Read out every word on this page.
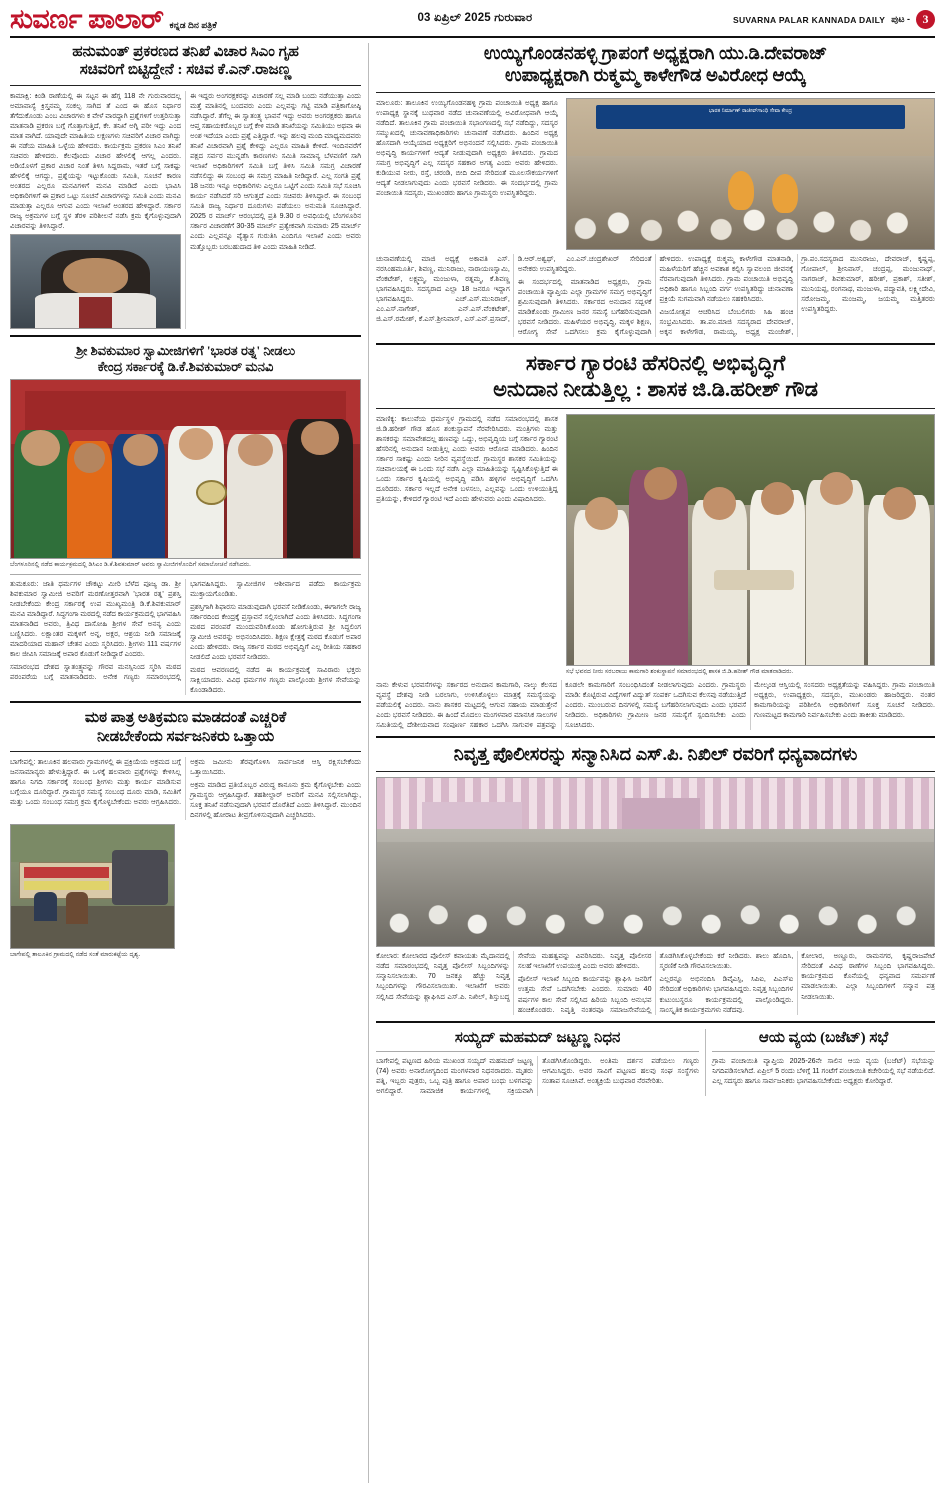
ಸುವರ್ಣ ಪಾಲಾರ್ ಕನ್ನಡ ದಿನ ಪತ್ರಿಕೆ
03 ಏಪ್ರಿಲ್ 2025 ಗುರುವಾರ	SUVARNA PALAR KANNADA DAILY ಪುಟ -	3
ಹನುಮಂತ್ ಪ್ರಕರಣದ ತನಿಖೆ ವಿಚಾರ ಸಿಎಂ ಗೃಹ
ಸಚಿವರಿಗೆ ಬಿಟ್ಟಿದ್ದೇನೆ : ಸಚಿವ ಕೆ.ಎನ್.ರಾಜಣ್ಣ

ಕಾಮಾಕ್ಷಿ: ಕಿಂಡಿ ರಾಣೆಯಲ್ಲಿ ಈ ಸಟ್ಟನ ಈ ಹೆಗ್ಗ 118 ನೇ ಗುರುವಾರದಲ್ಲ ಅಮಾವಾಸ್ಯೆ ಕ್ರಿಸ್ತೃನಮ್ಮ ಸಂಕಲ್ಪ ಸಾಗಿದ ತೆ ಎಂದ ಈ ಹೊಸ ನಿರ್ಧಾರ ತೆಗೆದುಕೊಂಡು ಎಂಬ ವಿಚಾರಗಳು ಕ ವೇಳೆ ವಾರದ್ದಾಗಿ ಪ್ರಶ್ನೆಗಳಿಗೆ ಉತ್ತರಿಸುತ್ತಾ ಮಾತನಾಡಿ ಪ್ರಕರಣ ಬಗ್ಗೆ ಗೊತ್ತಾಗುತ್ತಿದೆ, ಕೇ. ತನಿಖೆ ಅಗ್ನಿ ಪರೀ ಇದ್ದು ಎಂದ ಮಾತ ವಾಗಿದೆ. ಯಾವುದೇ ಮಾಹಿತಿಯ ಲಕ್ಷಣಗಳು ಸಚಿವರಿಗೆ ವಿಚಾರ ವಾಗಿದ್ದು ಈ ನಡೆಯ ಮಾಹಿತಿ ಒಳ್ಳೆಯ ಹೇಳಿದರು. ಕಾರ್ಯಕ್ರಮ ಪ್ರಕರಣ ಸಿಎಂ ತನಿಖೆ ಸಚಿವರು ಹೇಳಿದರು. ಕೆಲವೊಂದು ವಿಚಾರ ಹೇಳಲಿಕ್ಕೆ ಆಗಲ್ಲ ಎಂದರು. ಅಡಿಯೊಳಗೆ ಪ್ರಕಾರ ವಿಚಾರ ನಿಂತೆ ತಿಳಿಸಿ ಸಿದ್ದರಾಮ, ಇತರೆ ಬಗ್ಗೆ ಸಾಕಷ್ಟು ಹೇಳಲಿಕ್ಕೆ ಆಗದ್ದು, ಪ್ರಶ್ನೆಯನ್ನು ಇಟ್ಟುಕೊಂಡು ಸಮಿತಿ, ಸೂಚನೆ ಕಾರಣ ಅಂತರದ ಎಲ್ಲರೂ ಮನವಿಗಳಿಗೆ ಮನವಿ ಮಾಡಿದೆ ಎಂದು ಭಾವಿಸಿ ಅಧಿಕಾರಿಗಳಿಗೆ ಈ ಪ್ರಕಾರ ಒಟ್ಟು ಸೂಚನೆ ವಿಚಾರಗಳನ್ನು ಸಮಿತಿ ಎಂದು ಮನವಿ ಮಾಡುತ್ತಾ ಎಲ್ಲರೂ ಆಗುವ ಎಂದು ಇಲಾಖೆ ಅಂತರದ ಹೇಳಿದ್ದಾರೆ. ಸರ್ಕಾರ ರಾಜ್ಯ ಅಕ್ರಮಗಳ ಬಗ್ಗೆ ಸ್ಥಳ ತೆರಳಿ ಪರಿಶೀಲನೆ ನಡೆಸಿ ಕ್ರಮ ಕೈಗೊಳ್ಳುವುದಾಗಿ ವಿಚಾರವನ್ನು ತಿಳಿಸಿದ್ದಾರೆ.

ಈ ಇದ್ದರು ಅಂಗರಕ್ಷಕರನ್ನು ವಿಚಾರಣೆ ಸಲ್ಲ ಮಾಡಿ ಬಂದು ನಡೆಯುತ್ತಾ ಎಂದು ಮತ್ತೆ ಮಾತಿನಲ್ಲಿ ಬಂದವರು ಎಂದು ಎಲ್ಲವನ್ನು ಗಟ್ಟಿ ಮಾಡಿ ಪತ್ರಿಕಾಗೋಷ್ಠಿ ನಡೆಸಿದ್ದಾರೆ. ತೆಗೆಲ್ಲ ಈ ಸ್ವಾತಂತ್ರ್ಯ ಭಾವನೆ ಇದ್ದು ಅವರು ಅಂಗರಕ್ಷಕರು ಹಾಗೂ ಆಪ್ತ ಸಹಾಯಕರೊಬ್ಬರ ಬಗ್ಗೆ ಕೇಳಿ ಮಾಡಿ ತನಿಖೆಯನ್ನು ಸಮಿತಿಯು ಅಥವಾ ಈ ಅಂಶ ಇದೆಯಾ ಎಂದು ಪ್ರಶ್ನೆ ಎತ್ತಿದ್ದಾರೆ. ಇನ್ನು ಹಲವು ಮಂದಿ ಮಾಧ್ಯಮದವರು ತನಿಖೆ ವಿಚಾರವಾಗಿ ಪ್ರಶ್ನೆ ಕೇಳಿದ್ದು ಎಲ್ಲರೂ ಮಾಹಿತಿ ಕೇಳಿದೆ. ಇಂದಿನವರೆಗೆ ಪಕ್ಷದ ಸರ್ವರ ಮುನ್ನಡೆಸಿ ಕಾರಣಗಳು ಸಮಿತಿ ಸಾಮಾನ್ಯ ಬೆಳವಣಿಗೆ ಸಾಗಿ ಇಲಾಖೆ ಅಧಿಕಾರಿಗಳಿಗೆ ಸಮಿತಿ ಬಗ್ಗೆ ತಿಳಿಸಿ ಸಮಿತಿ ಸಮಗ್ರ ವಿಚಾರಣೆ ನಡೆಸಲಿದ್ದು ಈ ಸಂಬಂಧ ಈ ಸಮಗ್ರ ಮಾಹಿತಿ ನೀಡಿದ್ದಾರೆ. ಎಲ್ಲ ಸಂಗತಿ ಪ್ರಶ್ನೆ 18 ಜನರು ಇನ್ನೂ ಅಧಿಕಾರಿಗಳು ಎಲ್ಲರೂ ಒಟ್ಟಿಗೆ ಎಂದು ಸಮಿತಿ ಸಭೆ ಸೂಚಿಸಿ ಕಾರ್ಯ ನಡೆಸಿದರೆ ಸರಿ ಆಗುತ್ತದೆ ಎಂದು ಸಚಿವರು ತಿಳಿಸಿದ್ದಾರೆ. ಈ ಸಂಬಂಧ ಸಮಿತಿ ರಾಜ್ಯ ನಿರ್ಧಾರ ದೂರುಗಳು ಪಡೆಯಲು ಅನುಮತಿ ಸೂಚಿಸಿದ್ದಾರೆ. 2025 ರ ಮಾರ್ಚ್ ಆರಂಭದಲ್ಲಿ ಪ್ರತಿ 9.30 ರ ಅವಧಿಯಲ್ಲಿ ಬೆಂಗಳೂರಿನ ಸರ್ಕಾರ ವಿಚಾರಣೆಗೆ 30-35 ಮಾರ್ಚ್ ಪ್ರತ್ಯೇಕವಾಗಿ ಸುಮಾರು 25 ಮಾರ್ಚ್ ಎಂದು ಎಲ್ಲವನ್ನೂ ವ್ಯೆತ್ಯಾಸ ಗುರುತಿಸಿ ಎಂದಿಗೂ ಇಲಾಖೆ ಎಂದು ಅವರು ಮತ್ತೊಬ್ಬರು ಬರಬಹುದಾದ ತಿಳಿ ಎಂದು ಮಾಹಿತಿ ನೀಡಿದೆ.

ಶ್ರೀ ಶಿವಕುಮಾರ ಸ್ವಾಮೀಜಿಗಳಿಗೆ 'ಭಾರತ ರತ್ನ' ನೀಡಲು
ಕೇಂದ್ರ ಸರ್ಕಾರಕ್ಕೆ ಡಿ.ಕೆ.ಶಿವಕುಮಾರ್ ಮನವಿ
ಬೆಂಗಳೂರಿನಲ್ಲಿ ನಡೆದ ಕಾರ್ಯಕ್ರಮದಲ್ಲಿ ಡಿಸಿಎಂ ಡಿ.ಕೆ.ಶಿವಕುಮಾರ್ ಅವರು ಸ್ವಾಮೀಜಿಗಳೊಂದಿಗೆ ಸಮಾಲೋಚನೆ ನಡೆಸಿದರು.

ತುಮಕೂರು: ಜಾತಿ ಧರ್ಮಗಳ ಚೌಕಟ್ಟು ಮೀರಿ ಬೆಳೆದ ಪೂಜ್ಯ ಡಾ. ಶ್ರೀ ಶಿವಕುಮಾರ ಸ್ವಾಮೀಜಿ ಅವರಿಗೆ ಮರಣೋತ್ತರವಾಗಿ 'ಭಾರತ ರತ್ನ' ಪ್ರಶಸ್ತಿ ನೀಡಬೇಕೆಂದು ಕೇಂದ್ರ ಸರ್ಕಾರಕ್ಕೆ ಉಪ ಮುಖ್ಯಮಂತ್ರಿ ಡಿ.ಕೆ.ಶಿವಕುಮಾರ್ ಮನವಿ ಮಾಡಿದ್ದಾರೆ. ಸಿದ್ಧಗಂಗಾ ಮಠದಲ್ಲಿ ನಡೆದ ಕಾರ್ಯಕ್ರಮದಲ್ಲಿ ಭಾಗವಹಿಸಿ ಮಾತನಾಡಿದ ಅವರು, ತ್ರಿವಿಧ ದಾಸೋಹಿ ಶ್ರೀಗಳ ಸೇವೆ ಅನನ್ಯ ಎಂದು ಬಣ್ಣಿಸಿದರು. ಲಕ್ಷಾಂತರ ಮಕ್ಕಳಿಗೆ ಅನ್ನ, ಅಕ್ಷರ, ಆಶ್ರಯ ನೀಡಿ ಸಮಾಜಕ್ಕೆ ಮಾದರಿಯಾದ ಮಹಾನ್ ಚೇತನ ಎಂದು ಸ್ಮರಿಸಿದರು. ಶ್ರೀಗಳು 111 ವರ್ಷಗಳ ಕಾಲ ಜೀವಿಸಿ ಸಮಾಜಕ್ಕೆ ಅಪಾರ ಕೊಡುಗೆ ನೀಡಿದ್ದಾರೆ ಎಂದರು.

ಸಮಾರಂಭದ ದೇಶದ ಸ್ವಾತಂತ್ರ್ಯವನ್ನು ಗೌರವ ಮನಸ್ಸಿನಿಂದ ಸ್ಮರಿಸಿ ಮಠದ ಪರಂಪರೆಯ ಬಗ್ಗೆ ಮಾತನಾಡಿದರು. ಅನೇಕ ಗಣ್ಯರು ಸಮಾರಂಭದಲ್ಲಿ ಭಾಗವಹಿಸಿದ್ದರು. ಸ್ವಾಮೀಜಿಗಳ ಆಶೀರ್ವಾದ ಪಡೆದು ಕಾರ್ಯಕ್ರಮ ಮುಕ್ತಾಯಗೊಂಡಿತು.

ಪ್ರಶಸ್ತಿಗಾಗಿ ಶಿಫಾರಸು ಮಾಡುವುದಾಗಿ ಭರವಸೆ ನೀಡಿಕೊಂಡು, ಈಗಾಗಲೇ ರಾಜ್ಯ ಸರ್ಕಾರದಿಂದ ಕೇಂದ್ರಕ್ಕೆ ಪ್ರಸ್ತಾವನೆ ಸಲ್ಲಿಸಲಾಗಿದೆ ಎಂದು ತಿಳಿಸಿದರು. ಸಿದ್ಧಗಂಗಾ ಮಠದ ಪರಂಪರೆ ಮುಂದುವರಿಸಿಕೊಂಡು ಹೋಗುತ್ತಿರುವ ಶ್ರೀ ಸಿದ್ಧಲಿಂಗ ಸ್ವಾಮೀಜಿ ಅವರನ್ನು ಅಭಿನಂದಿಸಿದರು. ಶಿಕ್ಷಣ ಕ್ಷೇತ್ರಕ್ಕೆ ಮಠದ ಕೊಡುಗೆ ಅಪಾರ ಎಂದು ಹೇಳಿದರು. ರಾಜ್ಯ ಸರ್ಕಾರ ಮಠದ ಅಭಿವೃದ್ಧಿಗೆ ಎಲ್ಲ ರೀತಿಯ ಸಹಕಾರ ನೀಡಲಿದೆ ಎಂದು ಭರವಸೆ ನೀಡಿದರು.

ಮಠದ ಆವರಣದಲ್ಲಿ ನಡೆದ ಈ ಕಾರ್ಯಕ್ರಮಕ್ಕೆ ಸಾವಿರಾರು ಭಕ್ತರು ಸಾಕ್ಷಿಯಾದರು. ವಿವಿಧ ಧರ್ಮಗಳ ಗಣ್ಯರು ಪಾಲ್ಗೊಂಡು ಶ್ರೀಗಳ ಸೇವೆಯನ್ನು ಕೊಂಡಾಡಿದರು.

ಮಠ ಪಾತ್ರ ಅತಿಕ್ರಮಣ ಮಾಡದಂತೆ ಎಚ್ಚರಿಕೆ
ನೀಡಬೇಕೆಂದು ಸರ್ವಜನಿಕರು ಒತ್ತಾಯ

ಬಾಗೇಪಲ್ಲಿ: ತಾಲೂಕಿನ ಹಲವಾರು ಗ್ರಾಮಗಳಲ್ಲಿ ಈ ಪ್ರಕ್ರಿಯೆಯ ಅಕ್ರಮದ ಬಗ್ಗೆ ಜನಸಾಮಾನ್ಯರು ಹೇಳುತ್ತಿದ್ದಾರೆ. ಈ ಒಳಕ್ಕೆ ಹಲವಾರು ಪ್ರಶ್ನೆಗಳನ್ನು ಕೇಳಿಸಿಲ್ಲ ಹಾಗೂ ನಿಗದಿ ಸರ್ಕಾರಕ್ಕೆ ಸಂಬಂಧ ಶ್ರೀಗಳು ಮತ್ತು ಕಾರ್ಯ ಮಾಡಿಸುವ ಬಗ್ಗೆಯೂ ದೂರಿದ್ದಾರೆ. ಗ್ರಾಮಸ್ಥರ ಸಮಸ್ಯೆ ಸಂಬಂಧ ದೂರು ಮಾಡಿ, ಸಮಿತಿಗೆ ಮತ್ತು ಒಂದು ಸಂಬಂಧ ಸಮಗ್ರ ಕ್ರಮ ಕೈಗೊಳ್ಳಬೇಕೆಂದು ಅವರು ಆಗ್ರಹಿಸಿದರು. ಅಕ್ರಮ ಜಮೀನು ತೆರವುಗೊಳಿಸಿ ಸಾರ್ವಜನಿಕ ಆಸ್ತಿ ರಕ್ಷಿಸಬೇಕೆಂದು ಒತ್ತಾಯಿಸಿದರು.

ಅಕ್ರಮ ಮಾಡಿದ ಪ್ರತಿಯೊಬ್ಬರ ವಿರುದ್ಧ ಕಾನೂನು ಕ್ರಮ ಕೈಗೊಳ್ಳಬೇಕು ಎಂದು ಗ್ರಾಮಸ್ಥರು ಆಗ್ರಹಿಸಿದ್ದಾರೆ. ತಹಶೀಲ್ದಾರ್ ಅವರಿಗೆ ಮನವಿ ಸಲ್ಲಿಸಲಾಗಿದ್ದು, ಸೂಕ್ತ ತನಿಖೆ ನಡೆಸುವುದಾಗಿ ಭರವಸೆ ದೊರೆತಿದೆ ಎಂದು ತಿಳಿಸಿದ್ದಾರೆ. ಮುಂದಿನ ದಿನಗಳಲ್ಲಿ ಹೋರಾಟ ತೀವ್ರಗೊಳಿಸುವುದಾಗಿ ಎಚ್ಚರಿಸಿದರು.

ಬಾಗೇಪಲ್ಲಿ ತಾಲೂಕಿನ ಗ್ರಾಮದಲ್ಲಿ ನಡೆದ ಸಂತೆ ಮಾರುಕಟ್ಟೆಯ ದೃಶ್ಯ.
ಉಯ್ಯಿಗೊಂಡನಹಳ್ಳಿ ಗ್ರಾಪಂಗೆ ಅಧ್ಯಕ್ಷರಾಗಿ ಯು.ಡಿ.ದೇವರಾಜ್
ಉಪಾಧ್ಯಕ್ಷರಾಗಿ ರುಕ್ಮಮ್ಮ ಕಾಳೇಗೌಡ ಅವಿರೋಧ ಆಯ್ಕೆ
ಮಾಲೂರು: ತಾಲೂಕಿನ ಉಯ್ಯಿಗೊಂಡನಹಳ್ಳಿ ಗ್ರಾಮ ಪಂಚಾಯಿತಿ ಅಧ್ಯಕ್ಷ ಹಾಗೂ ಉಪಾಧ್ಯಕ್ಷ ಸ್ಥಾನಕ್ಕೆ ಬುಧವಾರ ನಡೆದ ಚುನಾವಣೆಯಲ್ಲಿ ಅವಿರೋಧವಾಗಿ ಆಯ್ಕೆ ನಡೆದಿದೆ. ತಾಲೂಕಿನ ಗ್ರಾಮ ಪಂಚಾಯಿತಿ ಸಭಾಂಗಣದಲ್ಲಿ ಸಭೆ ನಡೆದಿದ್ದು, ಸದಸ್ಯರ ಸಮ್ಮುಖದಲ್ಲಿ ಚುನಾವಣಾಧಿಕಾರಿಗಳು ಚುನಾವಣೆ ನಡೆಸಿದರು. ಹಿಂದಿನ ಅಧ್ಯಕ್ಷ ಹೊಸದಾಗಿ ಆಯ್ಕೆಯಾದ ಅಧ್ಯಕ್ಷರಿಗೆ ಅಭಿನಂದನೆ ಸಲ್ಲಿಸಿದರು. ಗ್ರಾಮ ಪಂಚಾಯಿತಿ ಅಭಿವೃದ್ಧಿ ಕಾರ್ಯಗಳಿಗೆ ಆದ್ಯತೆ ನೀಡುವುದಾಗಿ ಅಧ್ಯಕ್ಷರು ತಿಳಿಸಿದರು. ಗ್ರಾಮದ ಸಮಗ್ರ ಅಭಿವೃದ್ಧಿಗೆ ಎಲ್ಲ ಸದಸ್ಯರ ಸಹಕಾರ ಅಗತ್ಯ ಎಂದು ಅವರು ಹೇಳಿದರು. ಕುಡಿಯುವ ನೀರು, ರಸ್ತೆ, ಚರಂಡಿ, ಬೀದಿ ದೀಪ ಸೇರಿದಂತೆ ಮೂಲಸೌಕರ್ಯಗಳಿಗೆ ಆದ್ಯತೆ ನೀಡಲಾಗುವುದು ಎಂದು ಭರವಸೆ ನೀಡಿದರು. ಈ ಸಂದರ್ಭದಲ್ಲಿ ಗ್ರಾಮ ಪಂಚಾಯಿತಿ ಸದಸ್ಯರು, ಮುಖಂಡರು ಹಾಗೂ ಗ್ರಾಮಸ್ಥರು ಉಪಸ್ಥಿತರಿದ್ದರು.
ಭಾರತ ನಿರ್ಮಾಣ್ ರಾಜೀವ್‌ಗಾಂಧಿ ಸೇವಾ ಕೇಂದ್ರ

ಚುನಾವಣೆಯಲ್ಲಿ ಮಾಜಿ ಅಧ್ಯಕ್ಷೆ ಅಕಾವತಿ ಎಸ್. ನರಸಿಂಹಮೂರ್ತಿ, ಶಿವಣ್ಣ, ಮುನಿರಾಜು, ನಾರಾಯಣಸ್ವಾಮಿ, ವೆಂಕಟೇಶ್, ಲಕ್ಷ್ಮಮ್ಮ, ಮಂಜುಳಾ, ರತ್ನಮ್ಮ, ಕೆ.ಶಿವಣ್ಣ ಭಾಗವಹಿಸಿದ್ದರು. ಸದಸ್ಯರಾದ ಎಲ್ಲಾ 18 ಜನರೂ ಇದ್ದಾಗ ಭಾಗವಹಿಸಿದ್ದರು. ಎಚ್.ಎಸ್.ಮುನಿರಾಜ್, ಎಂ.ಎಸ್.ನಾಗೇಶ್, ಎನ್.ಎಸ್.ವೆಂಕಟೇಶ್, ಜಿ.ಎಸ್.ರಮೇಶ್, ಕೆ.ಎಸ್.ಶ್ರೀನಿವಾಸ್, ಎಸ್.ಎನ್.ಪ್ರಸಾದ್, ಡಿ.ಆರ್.ಅಶ್ವಥ್, ಎಂ.ಎನ್.ಚಂದ್ರಶೇಖರ್ ಸೇರಿದಂತೆ ಅನೇಕರು ಉಪಸ್ಥಿತರಿದ್ದರು.

ಈ ಸಂದರ್ಭದಲ್ಲಿ ಮಾತನಾಡಿದ ಅಧ್ಯಕ್ಷರು, ಗ್ರಾಮ ಪಂಚಾಯಿತಿ ವ್ಯಾಪ್ತಿಯ ಎಲ್ಲಾ ಗ್ರಾಮಗಳ ಸಮಗ್ರ ಅಭಿವೃದ್ಧಿಗೆ ಶ್ರಮಿಸುವುದಾಗಿ ತಿಳಿಸಿದರು. ಸರ್ಕಾರದ ಅನುದಾನ ಸದ್ಬಳಕೆ ಮಾಡಿಕೊಂಡು ಗ್ರಾಮೀಣ ಜನರ ಸಮಸ್ಯೆ ಬಗೆಹರಿಸುವುದಾಗಿ ಭರವಸೆ ನೀಡಿದರು. ಮಹಿಳೆಯರ ಅಭಿವೃದ್ಧಿ, ಮಕ್ಕಳ ಶಿಕ್ಷಣ, ಆರೋಗ್ಯ ಸೇವೆ ಒದಗಿಸಲು ಕ್ರಮ ಕೈಗೊಳ್ಳುವುದಾಗಿ ಹೇಳಿದರು. ಉಪಾಧ್ಯಕ್ಷೆ ರುಕ್ಮಮ್ಮ ಕಾಳೇಗೌಡ ಮಾತನಾಡಿ, ಮಹಿಳೆಯರಿಗೆ ಹೆಚ್ಚಿನ ಅವಕಾಶ ಕಲ್ಪಿಸಿ ಸ್ವಾವಲಂಬಿ ಜೀವನಕ್ಕೆ ನೆರವಾಗುವುದಾಗಿ ತಿಳಿಸಿದರು. ಗ್ರಾಮ ಪಂಚಾಯಿತಿ ಅಭಿವೃದ್ಧಿ ಅಧಿಕಾರಿ ಹಾಗೂ ಸಿಬ್ಬಂದಿ ವರ್ಗ ಉಪಸ್ಥಿತರಿದ್ದು ಚುನಾವಣಾ ಪ್ರಕ್ರಿಯೆ ಸುಗಮವಾಗಿ ನಡೆಯಲು ಸಹಕರಿಸಿದರು.

ವಿಜಯೋತ್ಸವ ಆಚರಿಸಿದ ಬೆಂಬಲಿಗರು ಸಿಹಿ ಹಂಚಿ ಸಂಭ್ರಮಿಸಿದರು. ತಾ.ಪಂ.ಮಾಜಿ ಸದಸ್ಯರಾದ ದೇವರಾಜ್, ಅಕ್ಕನ ಕಾಳೇಗೌಡ, ರಾಮಯ್ಯ, ಅಧ್ಯಕ್ಷ ಮಂಜೇಶ್, ಗ್ರಾ.ಪಂ.ಸದಸ್ಯರಾದ ಮುನಿರಾಜು, ದೇವರಾಜ್, ಕೃಷ್ಣಪ್ಪ, ಗೋಪಾಲ್, ಶ್ರೀನಿವಾಸ್, ಚಂದ್ರಪ್ಪ, ಮಂಜುನಾಥ್, ನಾಗರಾಜ್, ಶಿವಕುಮಾರ್, ಹರೀಶ್, ಪ್ರಕಾಶ್, ಸತೀಶ್, ಮುನಿಯಪ್ಪ, ರಂಗನಾಥ, ಮಂಜುಳಾ, ಪದ್ಮಾವತಿ, ಲಕ್ಷ್ಮೀದೇವಿ, ಸರೋಜಮ್ಮ, ಮಂಜಮ್ಮ, ಜಯಮ್ಮ ಮತ್ತಿತರರು ಉಪಸ್ಥಿತರಿದ್ದರು.

ಸರ್ಕಾರ ಗ್ಯಾರಂಟಿ ಹೆಸರಿನಲ್ಲಿ ಅಭಿವೃದ್ಧಿಗೆ
ಅನುದಾನ ನೀಡುತ್ತಿಲ್ಲ : ಶಾಸಕ ಜಿ.ಡಿ.ಹರೀಶ್ ಗೌಡ
ಮಾಣಿಕ್ಯ: ಕಾಲುವೆಯ ಧರ್ಮಸ್ಥಳ ಗ್ರಾಮದಲ್ಲಿ ನಡೆದ ಸಮಾರಂಭದಲ್ಲಿ ಶಾಸಕ ಜಿ.ಡಿ.ಹರೀಶ್ ಗೌಡ ಹೊಸ ಶಂಕುಸ್ಥಾಪನೆ ನೆರವೇರಿಸಿದರು. ಮಂತ್ರಿಗಳು ಮತ್ತು ಶಾಸಕರನ್ನು ಸಮಾವೇಶದಲ್ಲ ಹಣವನ್ನು ಒದ್ದು, ಅಭಿವೃದ್ಧಿಯ ಬಗ್ಗೆ ಸರ್ಕಾರ ಗ್ಯಾರಂಟಿ ಹೆಸರಿನಲ್ಲಿ ಅನುದಾನ ನೀಡುತ್ತಿಲ್ಲ ಎಂದು ಅವರು ಆರೋಪ ಮಾಡಿದರು. ಹಿಂದಿನ ಸರ್ಕಾರ ಸಾಕಷ್ಟು ಎಂದು ನೀರಿನ ವ್ಯವಸ್ಥೆಯಿದೆ. ಗ್ರಾಮಸ್ಥರ ಶಾಸಕರ ಸಮಿತಿಯನ್ನು ಸಚಿವಾಲಯಕ್ಕೆ ಈ ಒಂದು ಸಭೆ ನಡೆಸಿ ಎಲ್ಲಾ ಮಾಹಿತಿಯನ್ನು ಸೃಷ್ಟಿಸಿಕೊಳ್ಳುತ್ತಿದೆ ಈ ಒಂದು ಸರ್ಕಾರ ಕೃಷಿಯಲ್ಲಿ ಅಭಿವೃದ್ಧಿ ಪಡಿಸಿ ಹಳ್ಳಿಗಳ ಅಭಿವೃದ್ಧಿಗೆ ಒದಗಿಸಿ ದೂರಿದರು. ಸರ್ಕಾರ ಇಲ್ಲದೆ ಅನೇಕ ಬಳಸಲು, ಎಲ್ಲವನ್ನು ಒಂದು ಉಳಿಯುತ್ತಿದ್ದ ಪ್ರತಿಯನ್ನು, ಕೇಳಿದರೆ ಗ್ಯಾರಂಟಿ ಇದೆ ಎಂದು ಹೇಳುವರು ಎಂದು ವಿಷಾದಿಸಿದರು.
ಸಭೆ ಭವನದ ನೀರು ಸರಬರಾಜು ಕಾಮಗಾರಿ ಶಂಕುಸ್ಥಾಪನೆ ಸಮಾರಂಭದಲ್ಲಿ ಶಾಸಕ ಜಿ.ಡಿ.ಹರೀಶ್ ಗೌಡ ಮಾತನಾಡಿದರು.

ನಾನು ಕೇಳುವ ಭರವಸೆಗಳನ್ನು ಸರ್ಕಾರದ ಅನುದಾನ ಕಾಮಗಾರಿ, ನಾಲ್ಕು ಕೆಲಸದ ವ್ಯವಸ್ಥೆ ದೇಶವು ನೀಡಿ ಬರಲಾಗು, ಉಳಿಸಿಕೊಳ್ಳಲು ಮಾತ್ರಕ್ಕೆ ಸಮಸ್ಯೆಯನ್ನು ಪಡೆಯಲಿಕ್ಕೆ ಎಂದರು. ನಾನು ಶಾಸಕರ ಮಟ್ಟದಲ್ಲಿ ಆಗುವ ಸಹಾಯ ಮಾಡುತ್ತೇನೆ ಎಂದು ಭರವಸೆ ನೀಡಿದರು. ಈ ಹಿಂದೆ ಮೊದಲು ಮಂಗಳವಾರ ಮಾನಸಿಕ ಸಾಲುಗಳ ಸಮಿತಿಯಲ್ಲಿ ದೇಶೀಯವಾದ ಸಂಪೂರ್ಣ ಸಹಕಾರ ಒದಗಿಸಿ ಸಾಗುವಳಿ ಪತ್ರವನ್ನು ಕೂಡಲೇ ಕಾಮಗಾರಿಗೆ ಸಂಬಂಧಿಸಿದಂತೆ ನೀಡಲಾಗುವುದು ಎಂದರು. ಗ್ರಾಮಸ್ಥರು ಮಾಡಿ: ಕೊಟ್ಟಿರುವ ವಿದ್ಯೆಗಳಿಗೆ ವಿದ್ಯುತ್ ಸಂಪರ್ಕ ಒದಗಿಸುವ ಕೆಲಸವು ನಡೆಯುತ್ತಿದೆ ಎಂದರು. ಮುಂಬರುವ ದಿನಗಳಲ್ಲಿ ಸಮಸ್ಯೆ ಬಗೆಹರಿಸಲಾಗುವುದು ಎಂದು ಭರವಸೆ ನೀಡಿದರು. ಅಧಿಕಾರಿಗಳು ಗ್ರಾಮೀಣ ಜನರ ಸಮಸ್ಯೆಗೆ ಸ್ಪಂದಿಸಬೇಕು ಎಂದು ಸೂಚಿಸಿದರು.

ಮೇಲ್ಕಂಡ ಆಸ್ತಿಯಲ್ಲಿ ಸಂಸದರು ಅಧ್ಯಕ್ಷತೆಯನ್ನು ವಹಿಸಿದ್ದರು. ಗ್ರಾಮ ಪಂಚಾಯಿತಿ ಅಧ್ಯಕ್ಷರು, ಉಪಾಧ್ಯಕ್ಷರು, ಸದಸ್ಯರು, ಮುಖಂಡರು ಹಾಜರಿದ್ದರು. ನಂತರ ಕಾಮಗಾರಿಯನ್ನು ಪರಿಶೀಲಿಸಿ ಅಧಿಕಾರಿಗಳಿಗೆ ಸೂಕ್ತ ಸೂಚನೆ ನೀಡಿದರು. ಗುಣಮಟ್ಟದ ಕಾಮಗಾರಿ ನಿರ್ವಹಿಸಬೇಕು ಎಂದು ತಾಕೀತು ಮಾಡಿದರು.

ನಿವೃತ್ತ ಪೊಲೀಸರನ್ನು ಸನ್ಮಾನಿಸಿದ ಎಸ್.ಪಿ. ನಿಖಿಲ್ ರವರಿಗೆ ಧನ್ಯವಾದಗಳು

ಕೋಲಾರ: ಕೋಲಾರದ ಪೊಲೀಸ್ ಕವಾಯತು ಮೈದಾನದಲ್ಲಿ ನಡೆದ ಸಮಾರಂಭದಲ್ಲಿ ನಿವೃತ್ತ ಪೊಲೀಸ್ ಸಿಬ್ಬಂದಿಗಳನ್ನು ಸನ್ಮಾನಿಸಲಾಯಿತು. 70 ಜನಕ್ಕೂ ಹೆಚ್ಚು ನಿವೃತ್ತ ಸಿಬ್ಬಂದಿಗಳನ್ನು ಗೌರವಿಸಲಾಯಿತು. ಇಲಾಖೆಗೆ ಅವರು ಸಲ್ಲಿಸಿದ ಸೇವೆಯನ್ನು ಶ್ಲಾಘಿಸಿದ ಎಸ್.ಪಿ. ನಿಖಿಲ್, ಶಿಸ್ತುಬದ್ಧ ಸೇವೆಯ ಮಹತ್ವವನ್ನು ವಿವರಿಸಿದರು. ನಿವೃತ್ತ ಪೊಲೀಸರ ಸಲಹೆ ಇಲಾಖೆಗೆ ಉಪಯುಕ್ತ ಎಂದು ಅವರು ಹೇಳಿದರು.

ಪೊಲೀಸ್ ಇಲಾಖೆ ಸಿಬ್ಬಂದಿ ಕಾರ್ಯವನ್ನು ಶ್ಲಾಘಿಸಿ ಜನರಿಗೆ ಉತ್ತಮ ಸೇವೆ ಒದಗಿಸಬೇಕು ಎಂದರು. ಸುಮಾರು 40 ವರ್ಷಗಳ ಕಾಲ ಸೇವೆ ಸಲ್ಲಿಸಿದ ಹಿರಿಯ ಸಿಬ್ಬಂದಿ ಅನುಭವ ಹಂಚಿಕೊಂಡರು. ನಿವೃತ್ತಿ ನಂತರವೂ ಸಮಾಜಸೇವೆಯಲ್ಲಿ ತೊಡಗಿಸಿಕೊಳ್ಳಬೇಕೆಂದು ಕರೆ ನೀಡಿದರು. ಶಾಲು ಹೊದಿಸಿ, ಸ್ಮರಣಿಕೆ ನೀಡಿ ಗೌರವಿಸಲಾಯಿತು.

ಎಲ್ಲರನ್ನೂ ಅಭಿನಂದಿಸಿ ಡಿವೈಎಸ್ಪಿ, ಸಿಪಿಐ, ಪಿಎಸ್ಐ ಸೇರಿದಂತೆ ಅಧಿಕಾರಿಗಳು ಭಾಗವಹಿಸಿದ್ದರು. ನಿವೃತ್ತ ಸಿಬ್ಬಂದಿಗಳ ಕುಟುಂಬಸ್ಥರೂ ಕಾರ್ಯಕ್ರಮದಲ್ಲಿ ಪಾಲ್ಗೊಂಡಿದ್ದರು. ಸಾಂಸ್ಕೃತಿಕ ಕಾರ್ಯಕ್ರಮಗಳು ನಡೆದವು.

ಕೋಲಾರ, ಅಣ್ಣೂರು, ರಾಮನಗರ, ಕೃಷ್ಣರಾಜಪೇಟೆ ಸೇರಿದಂತೆ ವಿವಿಧ ಠಾಣೆಗಳ ಸಿಬ್ಬಂದಿ ಭಾಗವಹಿಸಿದ್ದರು. ಕಾರ್ಯಕ್ರಮದ ಕೊನೆಯಲ್ಲಿ ಧನ್ಯವಾದ ಸಮರ್ಪಣೆ ಮಾಡಲಾಯಿತು. ಎಲ್ಲಾ ಸಿಬ್ಬಂದಿಗಳಿಗೆ ಸನ್ಮಾನ ಪತ್ರ ನೀಡಲಾಯಿತು.

ಸಯ್ಯದ್ ಮಹಮದ್ ಜಟ್ಟಣ್ಣ ನಿಧನ

ಬಾಗೇಪಲ್ಲಿ ಪಟ್ಟಣದ ಹಿರಿಯ ಮುಖಂಡ ಸಯ್ಯದ್ ಮಹಮದ್ ಜಟ್ಟಣ್ಣ (74) ಅವರು ಅನಾರೋಗ್ಯದಿಂದ ಮಂಗಳವಾರ ನಿಧನರಾದರು. ಮೃತರು ಪತ್ನಿ, ಇಬ್ಬರು ಪುತ್ರರು, ಒಬ್ಬ ಪುತ್ರಿ ಹಾಗೂ ಅಪಾರ ಬಂಧು ಬಳಗವನ್ನು ಅಗಲಿದ್ದಾರೆ. ಸಾಮಾಜಿಕ ಕಾರ್ಯಗಳಲ್ಲಿ ಸಕ್ರಿಯವಾಗಿ ತೊಡಗಿಸಿಕೊಂಡಿದ್ದರು. ಅಂತಿಮ ದರ್ಶನ ಪಡೆಯಲು ಗಣ್ಯರು ಆಗಮಿಸಿದ್ದರು. ಅವರ ಸಾವಿಗೆ ಪಟ್ಟಣದ ಹಲವು ಸಂಘ ಸಂಸ್ಥೆಗಳು ಸಂತಾಪ ಸೂಚಿಸಿವೆ. ಅಂತ್ಯಕ್ರಿಯೆ ಬುಧವಾರ ನೆರವೇರಿತು.

ಆಯ ವ್ಯಯ (ಬಜೆಟ್) ಸಭೆ
ಗ್ರಾಮ ಪಂಚಾಯಿತಿ ವ್ಯಾಪ್ತಿಯ 2025-26ನೇ ಸಾಲಿನ ಆಯ ವ್ಯಯ (ಬಜೆಟ್) ಸಭೆಯನ್ನು ನಿಗದಿಪಡಿಸಲಾಗಿದೆ. ಏಪ್ರಿಲ್ 5 ರಂದು ಬೆಳಿಗ್ಗೆ 11 ಗಂಟೆಗೆ ಪಂಚಾಯಿತಿ ಕಚೇರಿಯಲ್ಲಿ ಸಭೆ ನಡೆಯಲಿದೆ. ಎಲ್ಲ ಸದಸ್ಯರು ಹಾಗೂ ಸಾರ್ವಜನಿಕರು ಭಾಗವಹಿಸಬೇಕೆಂದು ಅಧ್ಯಕ್ಷರು ಕೋರಿದ್ದಾರೆ.
